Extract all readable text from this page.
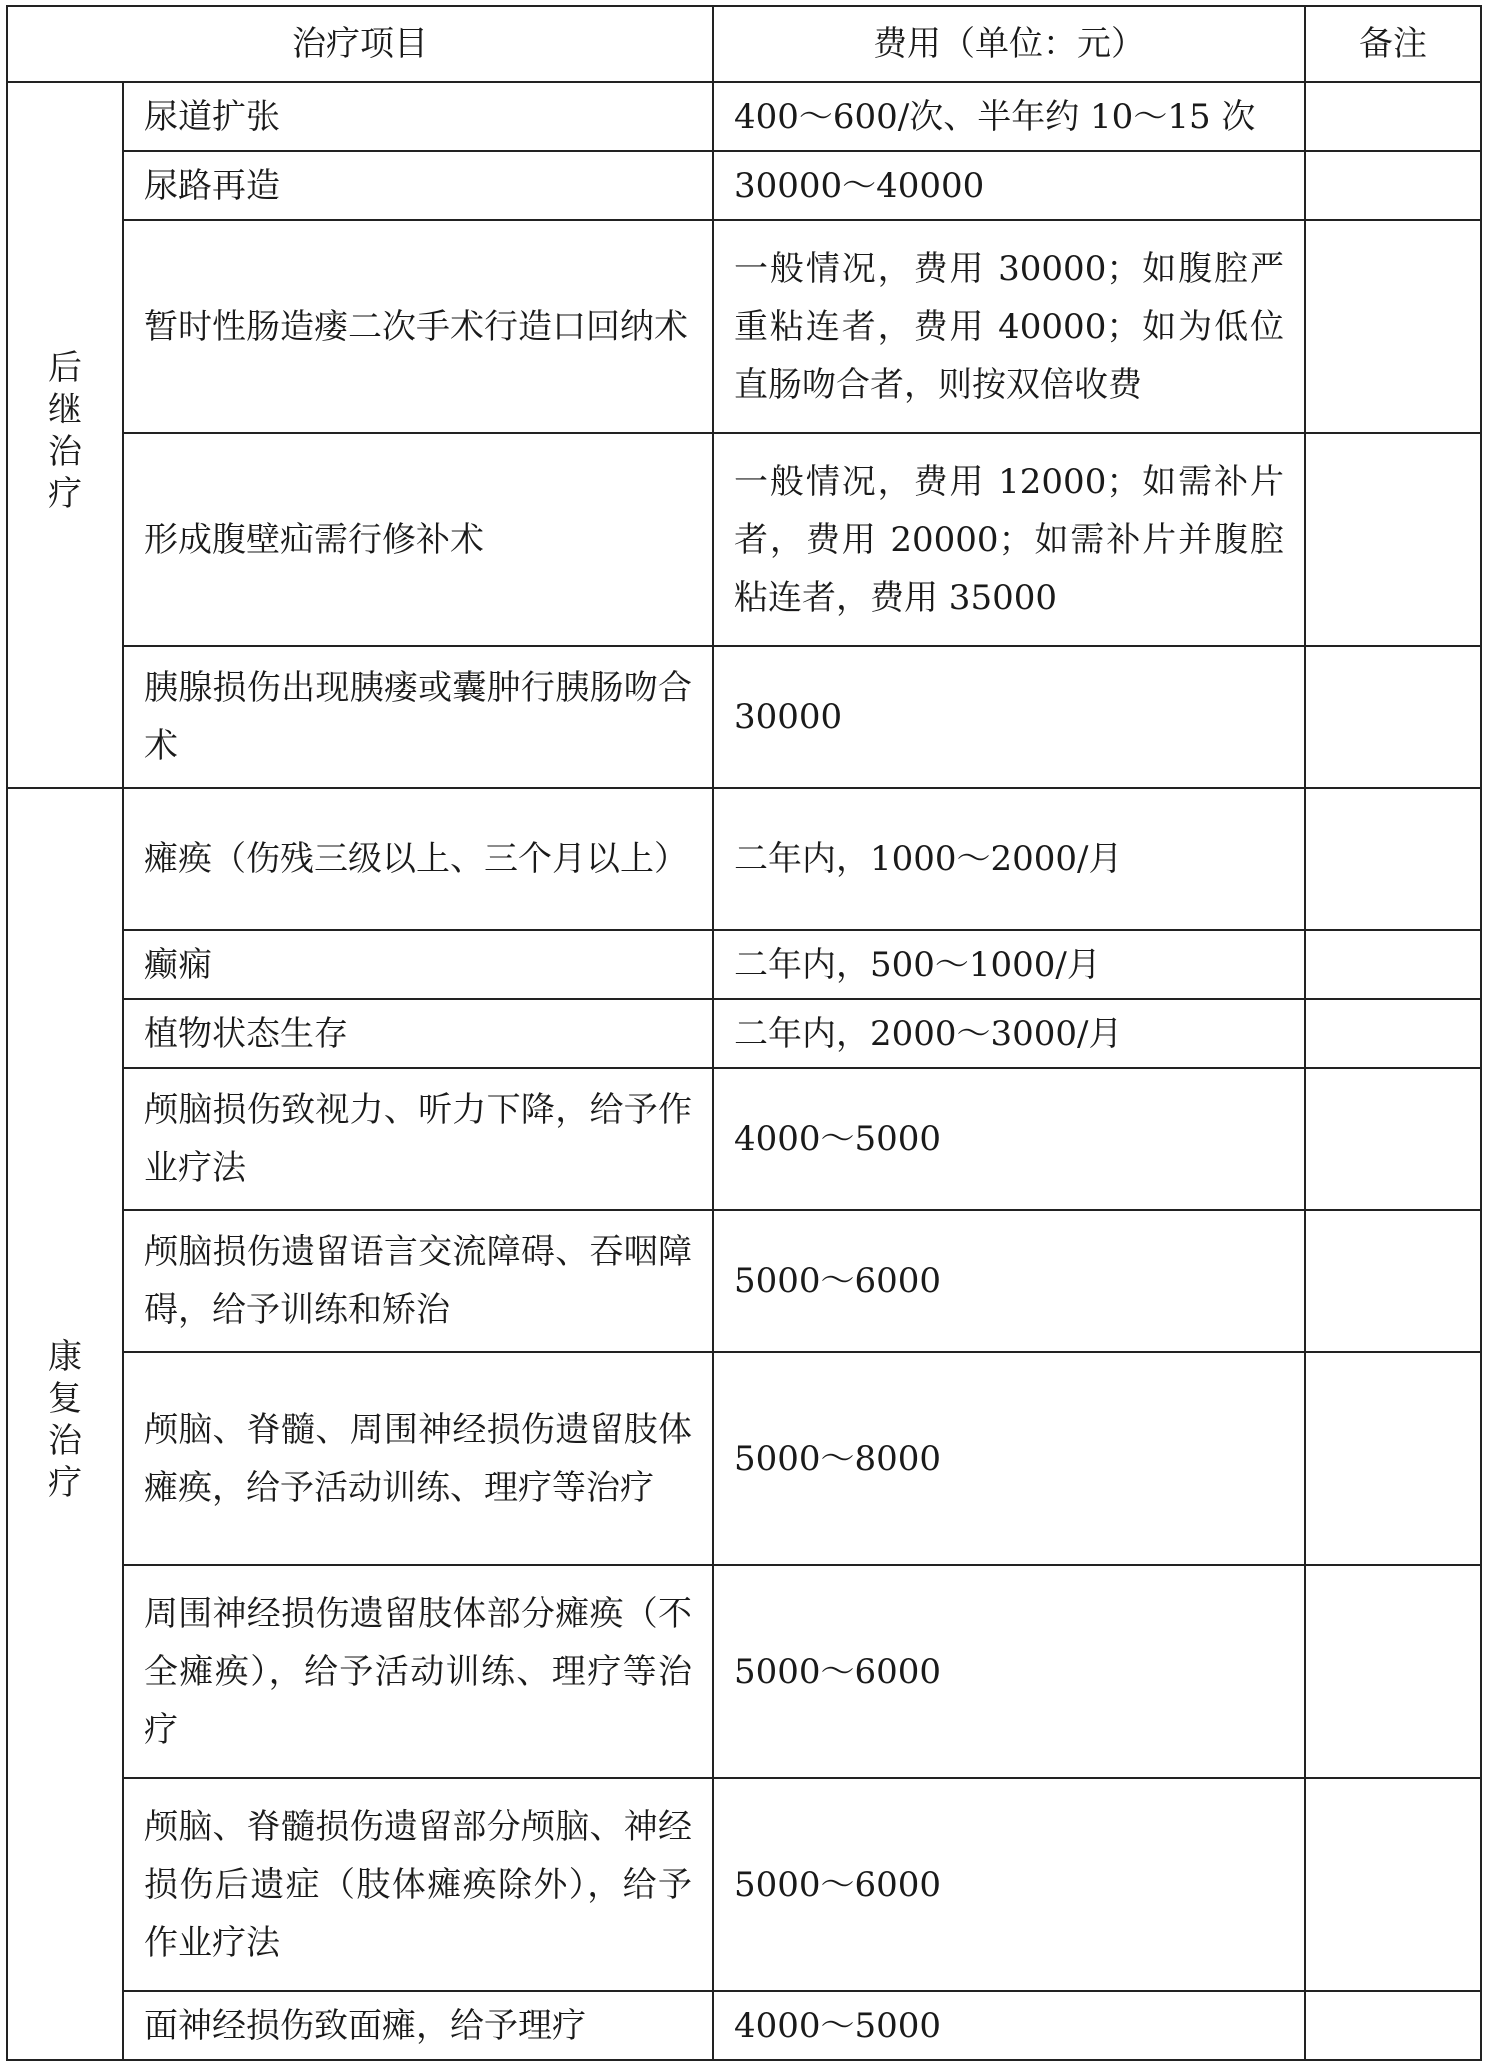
治疗项目		费用（单位：元）	备注
后继治疗	尿道扩张	400～600/次、半年约 10～15 次	
	尿路再造	30000～40000	
	暂时性肠造瘘二次手术行造口回纳术	一般情况，费用 30000；如腹腔严重粘连者，费用 40000；如为低位直肠吻合者，则按双倍收费	
	形成腹壁疝需行修补术	一般情况，费用 12000；如需补片者，费用 20000；如需补片并腹腔粘连者，费用 35000	
	胰腺损伤出现胰瘘或囊肿行胰肠吻合术	30000	
康复治疗	瘫痪（伤残三级以上、三个月以上）	二年内，1000～2000/月	
	癫痫	二年内，500～1000/月	
	植物状态生存	二年内，2000～3000/月	
	颅脑损伤致视力、听力下降，给予作业疗法	4000～5000	
	颅脑损伤遗留语言交流障碍、吞咽障碍，给予训练和矫治	5000～6000	
	颅脑、脊髓、周围神经损伤遗留肢体瘫痪，给予活动训练、理疗等治疗	5000～8000	
	周围神经损伤遗留肢体部分瘫痪（不全瘫痪），给予活动训练、理疗等治疗	5000～6000	
	颅脑、脊髓损伤遗留部分颅脑、神经损伤后遗症（肢体瘫痪除外），给予作业疗法	5000～6000	
	面神经损伤致面瘫，给予理疗	4000～5000	
